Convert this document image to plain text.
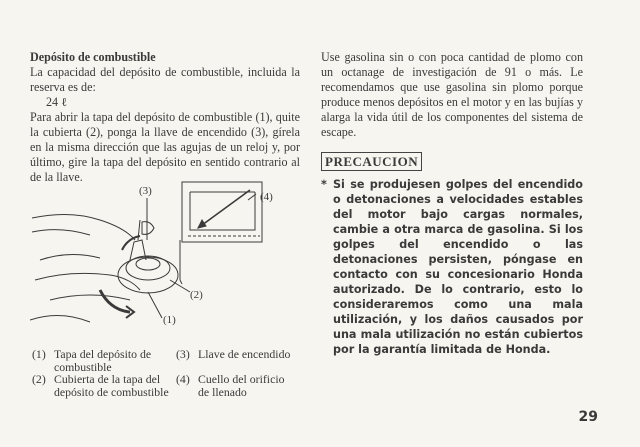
Depósito de combustible
La capacidad del depósito de combustible, incluida la reserva es de:
24 ℓ
Para abrir la tapa del depósito de combustible (1), quite la cubierta (2), ponga la llave de encendido (3), gírela en la misma dirección que las agujas de un reloj y, por último, gire la tapa del depósito en sentido contrario al de la llave.
(3)	(4)
(2)
(1)
(1) Tapa del depósito de combustible
(2) Cubierta de la tapa del depósito de combustible
(3) Llave de encendido
(4) Cuello del orificio de llenado
Use gasolina sin o con poca cantidad de plomo con un octanage de investigación de 91 o más. Le recomendamos que use gasolina sin plomo porque produce menos depósitos en el motor y en las bujías y alarga la vida útil de los componentes del sistema de escape.
PRECAUCION
* Si se produjesen golpes del encendido o detonaciones a velocidades estables del motor bajo cargas normales, cambie a otra marca de gasolina. Si los golpes del encendido o las detonaciones persisten, póngase en contacto con su concesionario Honda autorizado. De lo contrario, esto lo consideraremos como una mala utilización, y los daños causados por una mala utilización no están cubiertos por la garantía limitada de Honda.
29
